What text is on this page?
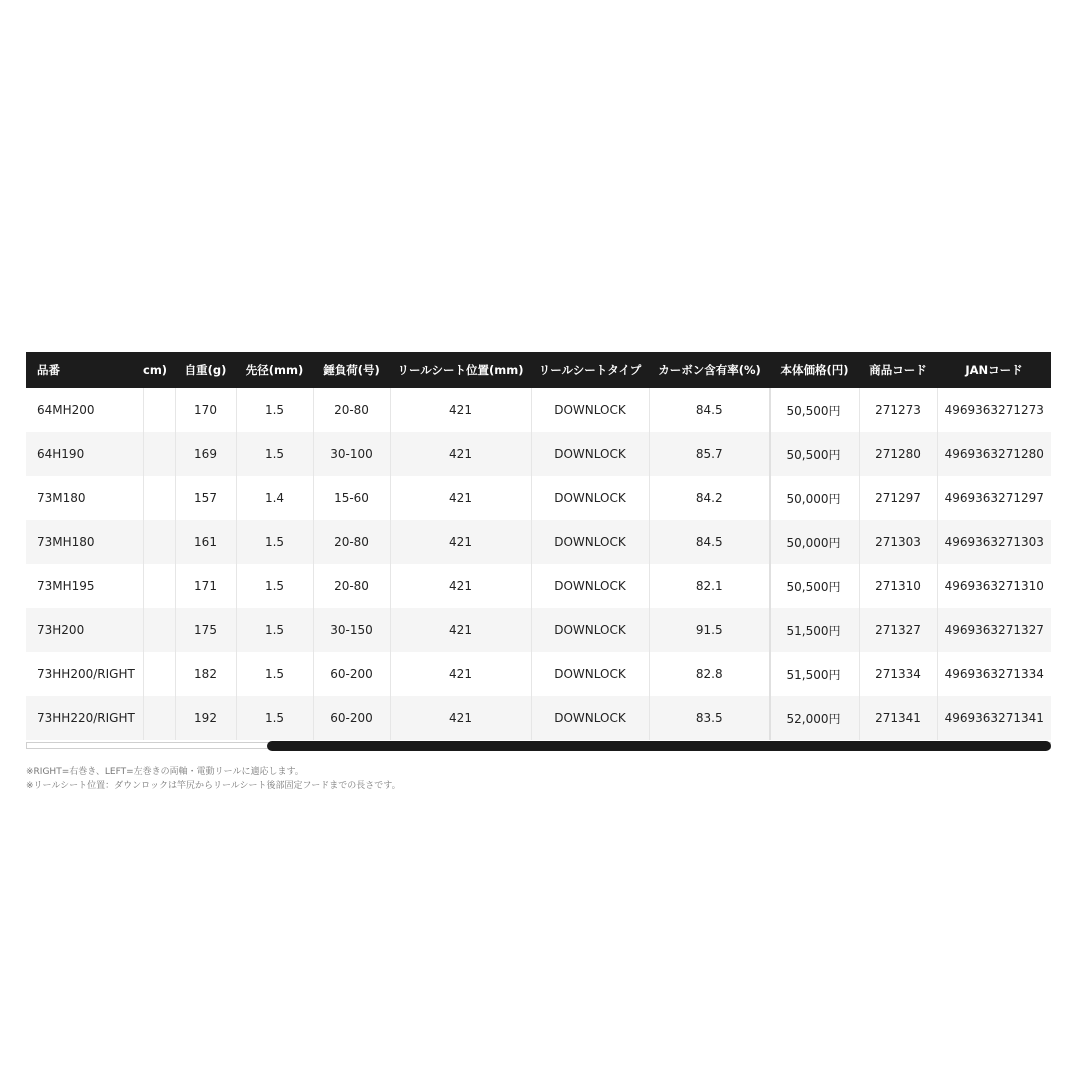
品番	cm)	自重(g)	先径(mm)	錘負荷(号)	リールシート位置(mm)	リールシートタイプ	カーボン含有率(%)	本体価格(円)	商品コード	JANコード
64MH200		170	1.5	20-80	421	DOWNLOCK	84.5	50,500円	271273	4969363271273
64H190		169	1.5	30-100	421	DOWNLOCK	85.7	50,500円	271280	4969363271280
73M180		157	1.4	15-60	421	DOWNLOCK	84.2	50,000円	271297	4969363271297
73MH180		161	1.5	20-80	421	DOWNLOCK	84.5	50,000円	271303	4969363271303
73MH195		171	1.5	20-80	421	DOWNLOCK	82.1	50,500円	271310	4969363271310
73H200		175	1.5	30-150	421	DOWNLOCK	91.5	51,500円	271327	4969363271327
73HH200/RIGHT		182	1.5	60-200	421	DOWNLOCK	82.8	51,500円	271334	4969363271334
73HH220/RIGHT		192	1.5	60-200	421	DOWNLOCK	83.5	52,000円	271341	4969363271341
※RIGHT=右巻き、LEFT=左巻きの両軸・電動リールに適応します。
※リールシート位置：ダウンロックは竿尻からリールシート後部固定フードまでの長さです。
